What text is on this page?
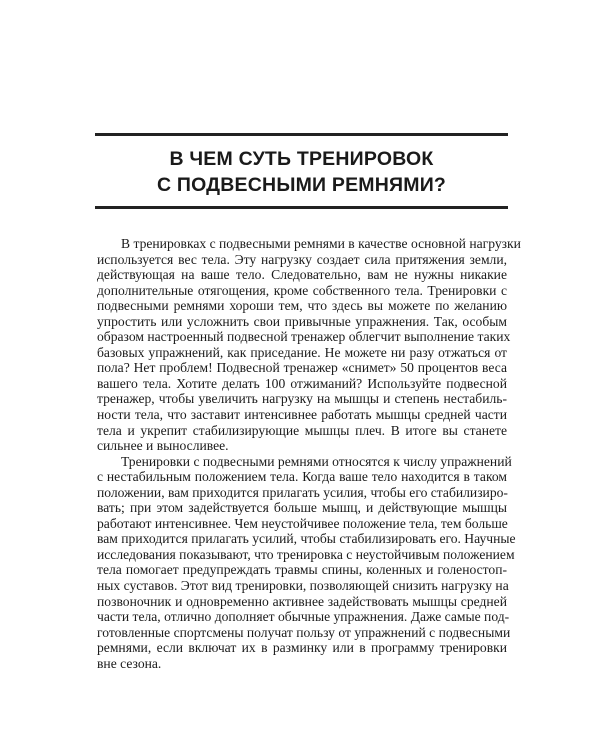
В ЧЕМ СУТЬ ТРЕНИРОВОК
С ПОДВЕСНЫМИ РЕМНЯМИ?
В тренировках с подвесными ремнями в качестве основной нагрузки
используется вес тела. Эту нагрузку создает сила притяжения земли,
действующая на ваше тело. Следовательно, вам не нужны никакие
дополнительные отягощения, кроме собственного тела. Тренировки с
подвесными ремнями хороши тем, что здесь вы можете по желанию
упростить или усложнить свои привычные упражнения. Так, особым
образом настроенный подвесной тренажер облегчит выполнение таких
базовых упражнений, как приседание. Не можете ни разу отжаться от
пола? Нет проблем! Подвесной тренажер «снимет» 50 процентов веса
вашего тела. Хотите делать 100 отжиманий? Используйте подвесной
тренажер, чтобы увеличить нагрузку на мышцы и степень нестабиль-
ности тела, что заставит интенсивнее работать мышцы средней части
тела и укрепит стабилизирующие мышцы плеч. В итоге вы станете
сильнее и выносливее.
Тренировки с подвесными ремнями относятся к числу упражнений
с нестабильным положением тела. Когда ваше тело находится в таком
положении, вам приходится прилагать усилия, чтобы его стабилизиро-
вать; при этом задействуется больше мышц, и действующие мышцы
работают интенсивнее. Чем неустойчивее положение тела, тем больше
вам приходится прилагать усилий, чтобы стабилизировать его. Научные
исследования показывают, что тренировка с неустойчивым положением
тела помогает предупреждать травмы спины, коленных и голеностоп-
ных суставов. Этот вид тренировки, позволяющей снизить нагрузку на
позвоночник и одновременно активнее задействовать мышцы средней
части тела, отлично дополняет обычные упражнения. Даже самые под-
готовленные спортсмены получат пользу от упражнений с подвесными
ремнями, если включат их в разминку или в программу тренировки
вне сезона.
